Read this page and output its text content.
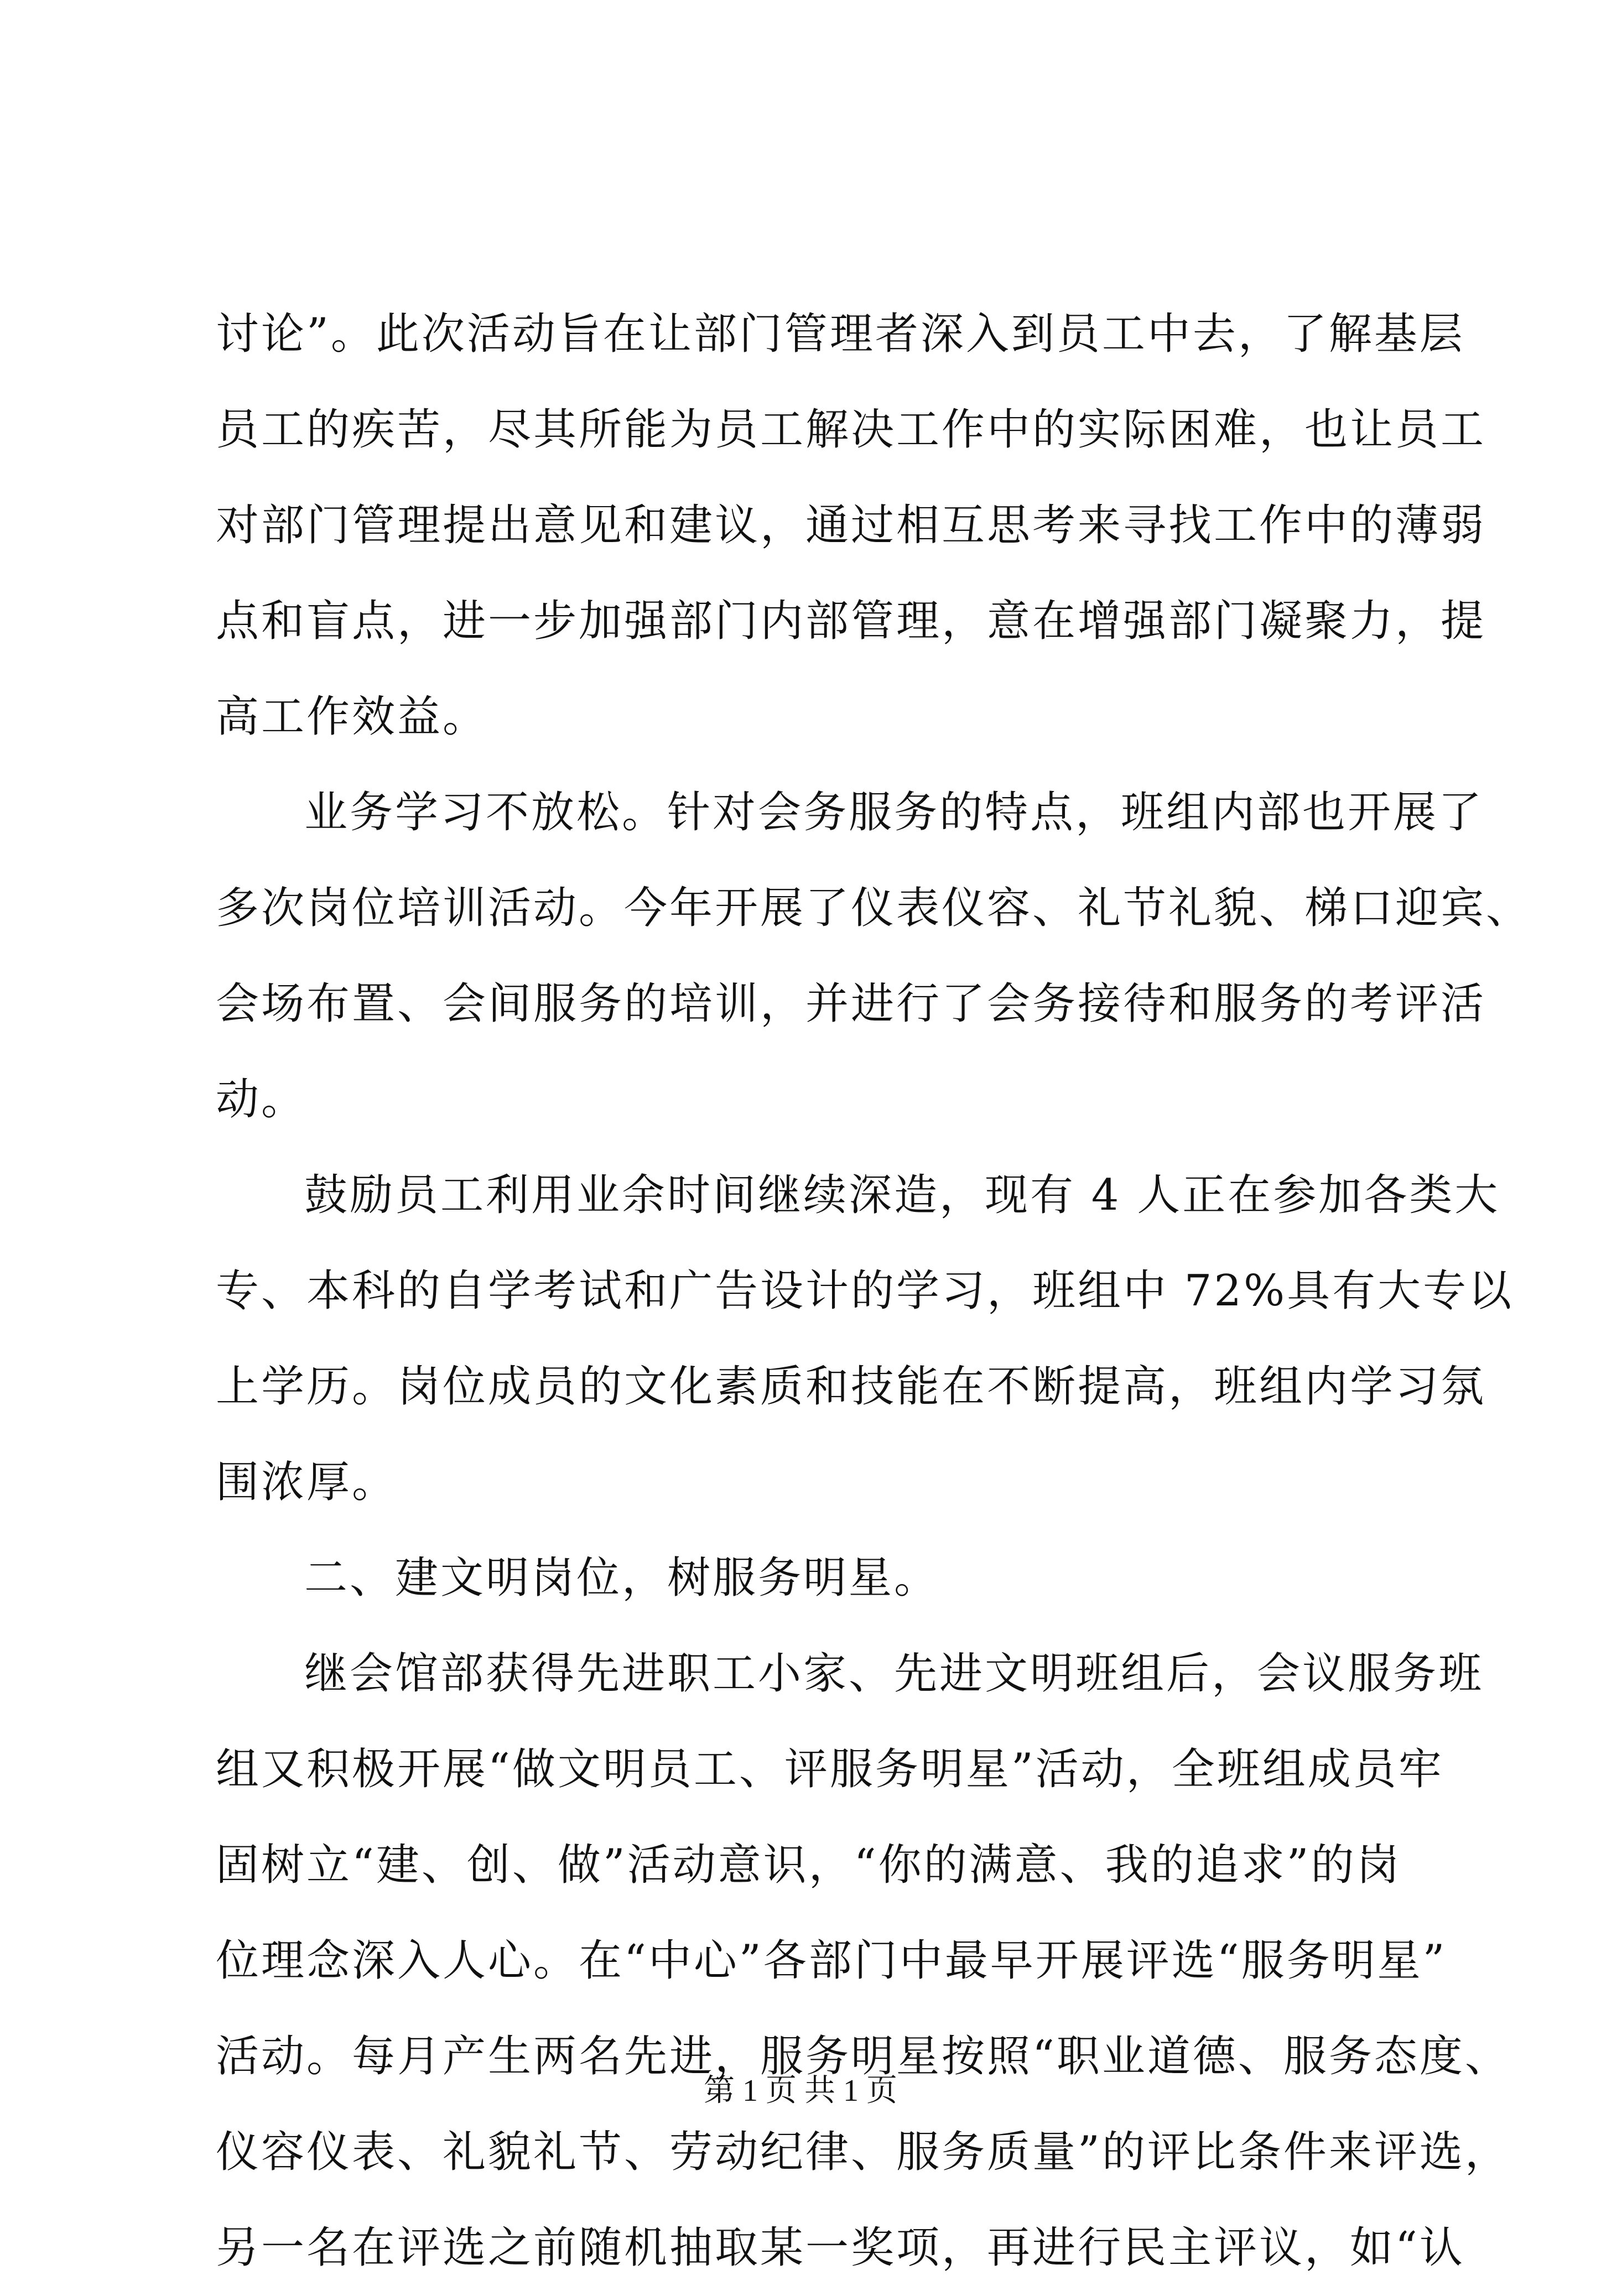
讨论”。此次活动旨在让部门管理者深入到员工中去，了解基层
员工的疾苦，尽其所能为员工解决工作中的实际困难，也让员工
对部门管理提出意见和建议，通过相互思考来寻找工作中的薄弱
点和盲点，进一步加强部门内部管理，意在增强部门凝聚力，提
高工作效益。
业务学习不放松。针对会务服务的特点，班组内部也开展了
多次岗位培训活动。今年开展了仪表仪容、礼节礼貌、梯口迎宾、
会场布置、会间服务的培训，并进行了会务接待和服务的考评活
动。
鼓励员工利用业余时间继续深造，现有 4 人正在参加各类大
专、本科的自学考试和广告设计的学习，班组中 72%具有大专以
上学历。岗位成员的文化素质和技能在不断提高，班组内学习氛
围浓厚。
二、建文明岗位，树服务明星。
继会馆部获得先进职工小家、先进文明班组后，会议服务班
组又积极开展“做文明员工、评服务明星”活动，全班组成员牢
固树立“建、创、做”活动意识，“你的满意、我的追求”的岗
位理念深入人心。在“中心”各部门中最早开展评选“服务明星”
活动。每月产生两名先进，服务明星按照“职业道德、服务态度、
仪容仪表、礼貌礼节、劳动纪律、服务质量”的评比条件来评选，
另一名在评选之前随机抽取某一奖项，再进行民主评议，如“认
第 1 页 共 1 页
